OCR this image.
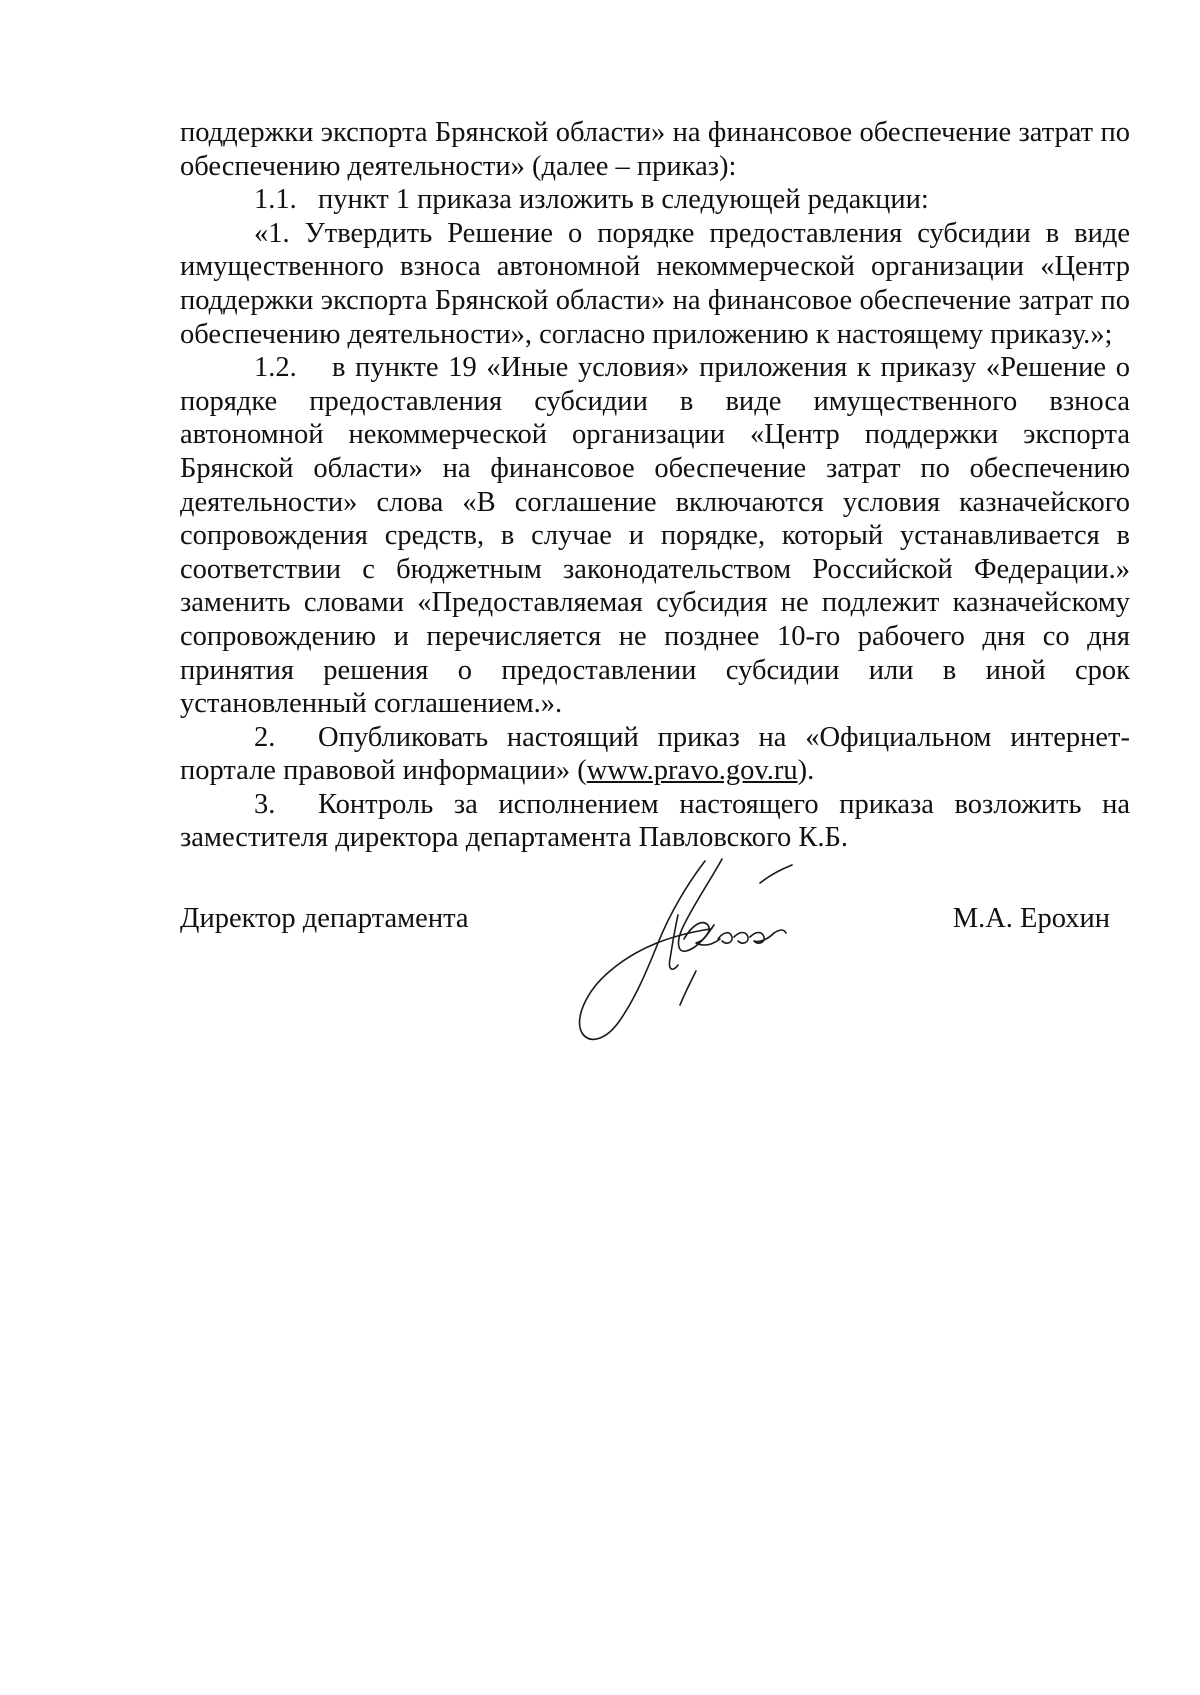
поддержки экспорта Брянской области» на финансовое обеспечение затрат по обеспечению деятельности» (далее – приказ):

1.1. пункт 1 приказа изложить в следующей редакции:

«1. Утвердить Решение о порядке предоставления субсидии в виде имущественного взноса автономной некоммерческой организации «Центр поддержки экспорта Брянской области» на финансовое обеспечение затрат по обеспечению деятельности», согласно приложению к настоящему приказу.»;

1.2. в пункте 19 «Иные условия» приложения к приказу «Решение о порядке предоставления субсидии в виде имущественного взноса автономной некоммерческой организации «Центр поддержки экспорта Брянской области» на финансовое обеспечение затрат по обеспечению деятельности» слова «В соглашение включаются условия казначейского сопровождения средств, в случае и порядке, который устанавливается в соответствии с бюджетным законодательством Российской Федерации.» заменить словами «Предоставляемая субсидия не подлежит казначейскому сопровождению и перечисляется не позднее 10-го рабочего дня со дня принятия решения о предоставлении субсидии или в иной срок установленный соглашением.».

2. Опубликовать настоящий приказ на «Официальном интернет-портале правовой информации» (www.pravo.gov.ru).

3. Контроль за исполнением настоящего приказа возложить на заместителя директора департамента Павловского К.Б.

Директор департамента	М.А. Ерохин
